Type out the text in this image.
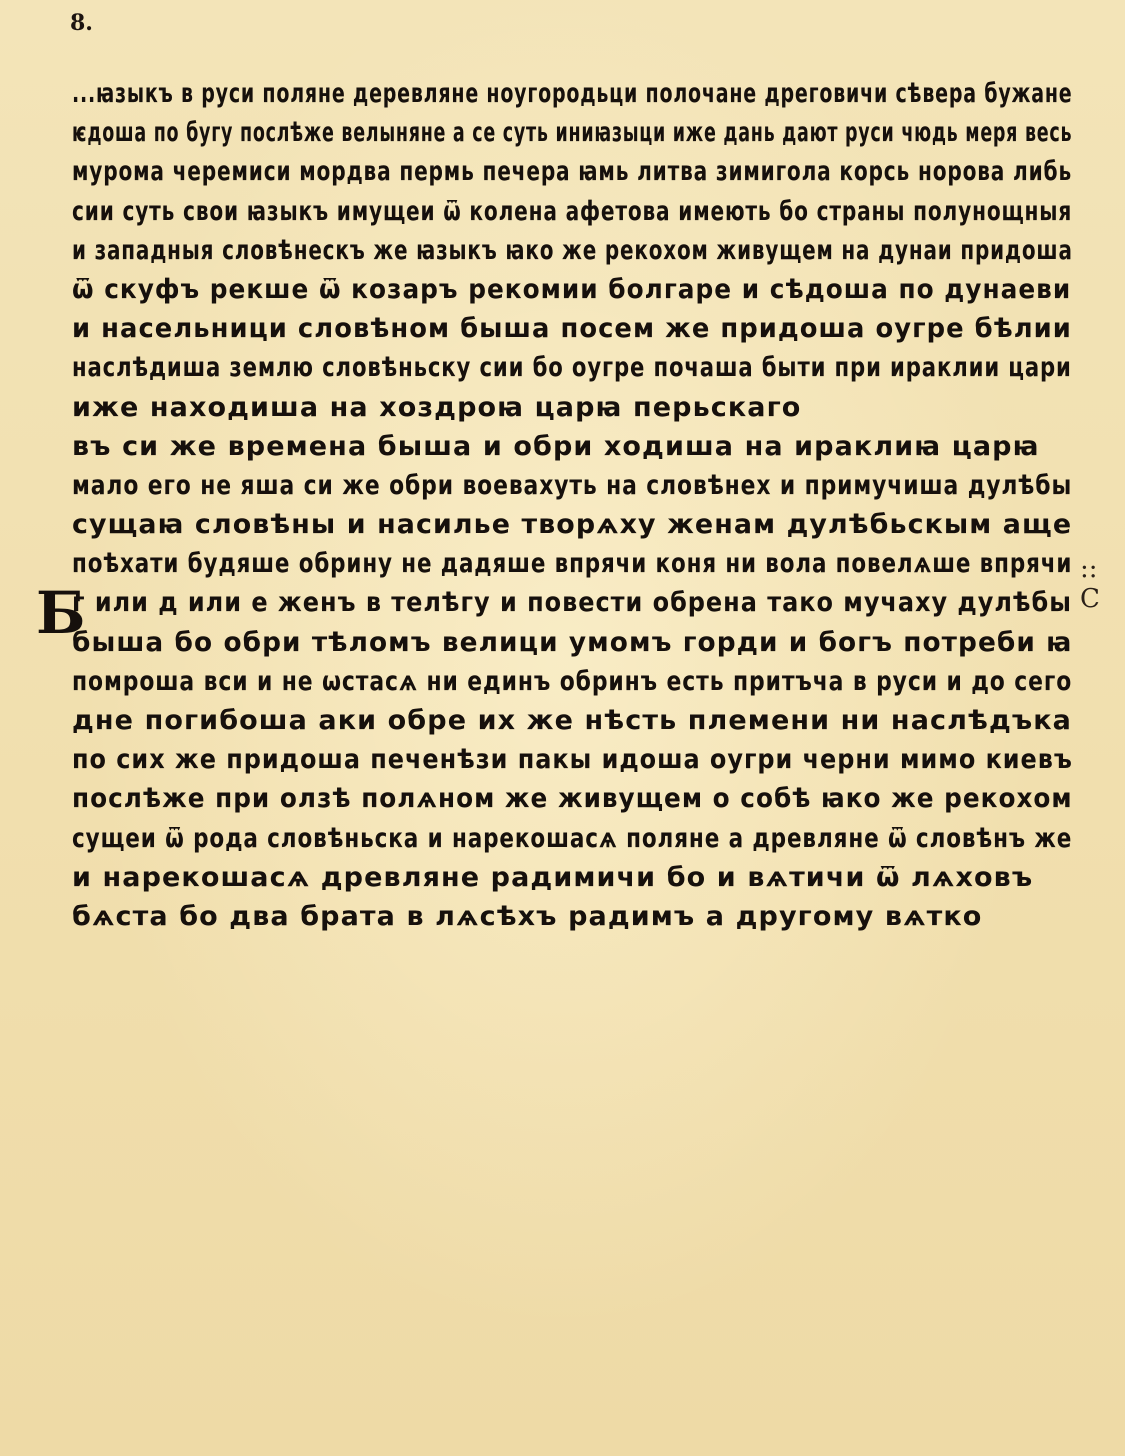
8.
Б
:: С
...ꙗзыкъ в руси поляне деревляне ноугородьци полочане дреговичи сѣвера бужане
ѥдоша по бугу послѣже велыняне а се суть иниꙗзыци иже дань дают руси чюдь меря весь
мурома черемиси мордва пермь печера ꙗмь литва зимигола корсь норова либь
сии суть свои ꙗзыкъ имущеи ѿ колена афетова имеють бо страны полунощныя
и западныя словѣнескъ же ꙗзыкъ ꙗко же рекохом живущем на дунаи придоша
ѿ скуфъ рекше ѿ козаръ рекомии болгаре и сѣдоша по дунаеви
и насельници словѣном быша посем же придоша оугре бѣлии
наслѣдиша землю словѣньску сии бо оугре почаша быти при ираклии цари
иже находиша на хоздроꙗ царꙗ перьскаго
въ си же времена быша и обри ходиша на ираклиꙗ царꙗ
мало его не яша си же обри воевахуть на словѣнех и примучиша дулѣбы
сущаꙗ словѣны и насилье творѧху женам дулѣбьскым аще
поѣхати будяше обрину не дадяше впрячи коня ни вола повелѧше впрячи
г или д или е женъ в телѣгу и повести обрена тако мучаху дулѣбы
быша бо обри тѣломъ велици умомъ горди и богъ потреби ꙗ
помроша вси и не ѡстасѧ ни единъ обринъ есть притъча в руси и до сего
дне погибоша аки обре их же нѣсть племени ни наслѣдъка
по сих же придоша печенѣзи пакы идоша оугри черни мимо киевъ
послѣже при олзѣ полѧном же живущем о собѣ ꙗко же рекохом
сущеи ѿ рода словѣньска и нарекошасѧ поляне а древляне ѿ словѣнъ же
и нарекошасѧ древляне радимичи бо и вѧтичи ѿ лѧховъ
бѧста бо два брата в лѧсѣхъ радимъ а другому вѧтко
